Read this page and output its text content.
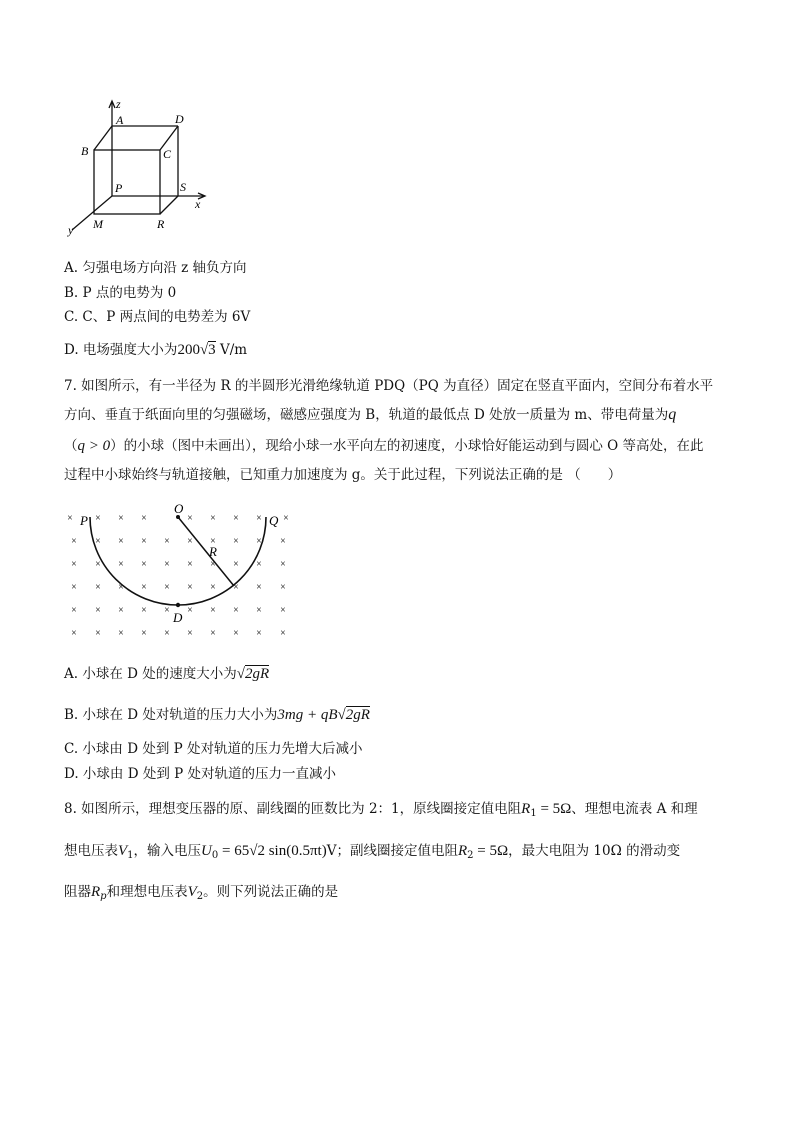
z
A	D
B	C
P	S
x
y M	R
A. 匀强电场方向沿 z 轴负方向
B. P 点的电势为 0
C. C、P 两点间的电势差为 6V
D. 电场强度大小为200√3 V/m
7. 如图所示，有一半径为 R 的半圆形光滑绝缘轨道 PDQ（PQ 为直径）固定在竖直平面内，空间分布着水平
方向、垂直于纸面向里的匀强磁场，磁感应强度为 B，轨道的最低点 D 处放一质量为 m、带电荷量为q
（q > 0）的小球（图中未画出），现给小球一水平向左的初速度，小球恰好能运动到与圆心 O 等高处，在此
过程中小球始终与轨道接触，已知重力加速度为 g。关于此过程，下列说法正确的是 （　　）
× × ×	× × × ×
× × × × × × × × × ×
× × × × × × × × × ×
× × × × × × × × × ×
× × × × × × × × × ×
× × × × × × × × × ×
×	×
P
O
Q
R
D
A. 小球在 D 处的速度大小为√2gR
B. 小球在 D 处对轨道的压力大小为3mg + qB√2gR
C. 小球由 D 处到 P 处对轨道的压力先增大后减小
D. 小球由 D 处到 P 处对轨道的压力一直减小
8. 如图所示，理想变压器的原、副线圈的匝数比为 2：1，原线圈接定值电阻$R_1 = 5\Omega$、理想电流表 A 和理
想电压表$V_1$，输入电压$U_0 = 65√2$ sin(0.5πt)V；副线圈接定值电阻$R_2 = 5\Omega$，最大电阻为 10Ω 的滑动变
阻器$R_p$和理想电压表$V_2$。则下列说法正确的是
